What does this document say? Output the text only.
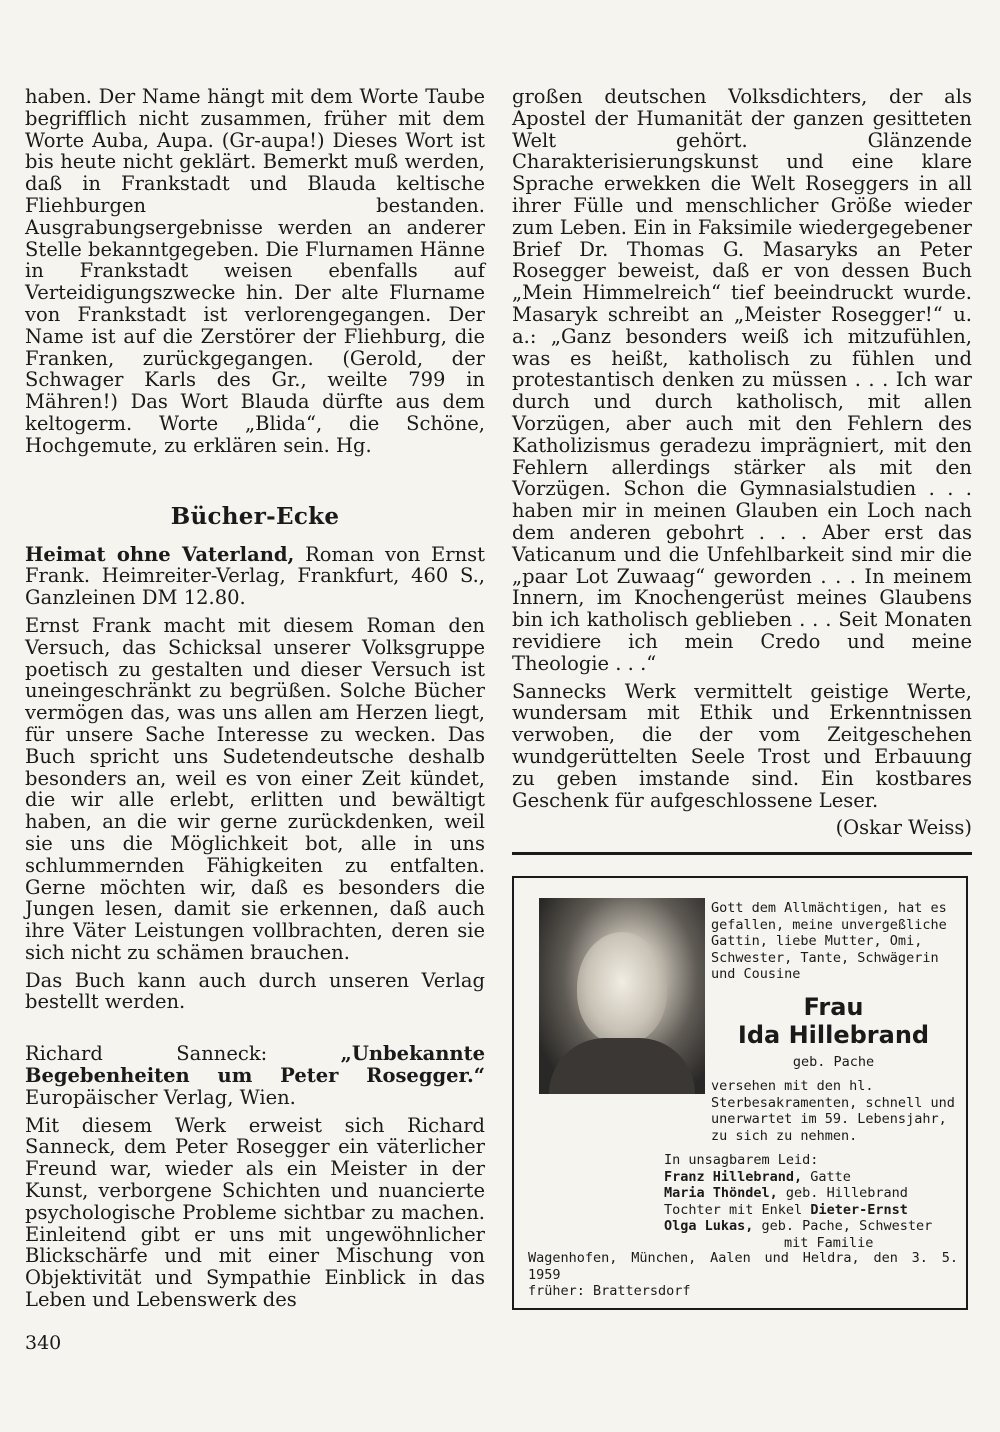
haben. Der Name hängt mit dem Worte Taube begrifflich nicht zusammen, früher mit dem Worte Auba, Aupa. (Gr-aupa!) Dieses Wort ist bis heute nicht geklärt. Bemerkt muß werden, daß in Frankstadt und Blauda keltische Fliehburgen bestanden. Ausgrabungsergebnisse werden an anderer Stelle bekanntgegeben. Die Flurnamen Hänne in Frankstadt weisen ebenfalls auf Verteidigungszwecke hin. Der alte Flurname von Frankstadt ist verlorengegangen. Der Name ist auf die Zerstörer der Fliehburg, die Franken, zurückgegangen. (Gerold, der Schwager Karls des Gr., weilte 799 in Mähren!) Das Wort Blauda dürfte aus dem keltogerm. Worte „Blida“, die Schöne, Hochgemute, zu erklären sein. Hg.

Bücher-Ecke

Heimat ohne Vaterland, Roman von Ernst Frank. Heimreiter-Verlag, Frankfurt, 460 S., Ganzleinen DM 12.80.

Ernst Frank macht mit diesem Roman den Versuch, das Schicksal unserer Volksgruppe poetisch zu gestalten und dieser Versuch ist uneingeschränkt zu begrüßen. Solche Bücher vermögen das, was uns allen am Herzen liegt, für unsere Sache Interesse zu wecken. Das Buch spricht uns Sudetendeutsche deshalb besonders an, weil es von einer Zeit kündet, die wir alle erlebt, erlitten und bewältigt haben, an die wir gerne zurückdenken, weil sie uns die Möglichkeit bot, alle in uns schlummernden Fähigkeiten zu entfalten. Gerne möchten wir, daß es besonders die Jungen lesen, damit sie erkennen, daß auch ihre Väter Leistungen vollbrachten, deren sie sich nicht zu schämen brauchen.

Das Buch kann auch durch unseren Verlag bestellt werden.

Richard Sanneck: „Unbekannte Begebenheiten um Peter Rosegger.“ Europäischer Verlag, Wien.

Mit diesem Werk erweist sich Richard Sanneck, dem Peter Rosegger ein väterlicher Freund war, wieder als ein Meister in der Kunst, verborgene Schichten und nuancierte psychologische Probleme sichtbar zu machen. Einleitend gibt er uns mit ungewöhnlicher Blickschärfe und mit einer Mischung von Objektivität und Sympathie Einblick in das Leben und Lebenswerk des

großen deutschen Volksdichters, der als Apostel der Humanität der ganzen gesitteten Welt gehört. Glänzende Charakterisierungskunst und eine klare Sprache erwekken die Welt Roseggers in all ihrer Fülle und menschlicher Größe wieder zum Leben. Ein in Faksimile wiedergegebener Brief Dr. Thomas G. Masaryks an Peter Rosegger beweist, daß er von dessen Buch „Mein Himmelreich“ tief beeindruckt wurde. Masaryk schreibt an „Meister Rosegger!“ u. a.: „Ganz besonders weiß ich mitzufühlen, was es heißt, katholisch zu fühlen und protestantisch denken zu müssen . . . Ich war durch und durch katholisch, mit allen Vorzügen, aber auch mit den Fehlern des Katholizismus geradezu imprägniert, mit den Fehlern allerdings stärker als mit den Vorzügen. Schon die Gymnasialstudien . . . haben mir in meinen Glauben ein Loch nach dem anderen gebohrt . . . Aber erst das Vaticanum und die Unfehlbarkeit sind mir die „paar Lot Zuwaag“ geworden . . . In meinem Innern, im Knochengerüst meines Glaubens bin ich katholisch geblieben . . . Seit Monaten revidiere ich mein Credo und meine Theologie . . .“

Sannecks Werk vermittelt geistige Werte, wundersam mit Ethik und Erkenntnissen verwoben, die der vom Zeitgeschehen wundgerüttelten Seele Trost und Erbauung zu geben imstande sind. Ein kostbares Geschenk für aufgeschlossene Leser.

(Oskar Weiss)

340
Gott dem Allmächtigen, hat es gefallen, meine unvergeßliche Gattin, liebe Mutter, Omi, Schwester, Tante, Schwägerin und Cousine
Frau
Ida Hillebrand
geb. Pache
versehen mit den hl. Sterbesakramenten, schnell und unerwartet im 59. Lebensjahr, zu sich zu nehmen.
In unsagbarem Leid:
Franz Hillebrand, Gatte
Maria Thöndel, geb. Hillebrand
Tochter mit Enkel Dieter-Ernst
Olga Lukas, geb. Pache, Schwester
mit Familie
Wagenhofen, München, Aalen und Heldra, den 3. 5. 1959
früher: Brattersdorf
